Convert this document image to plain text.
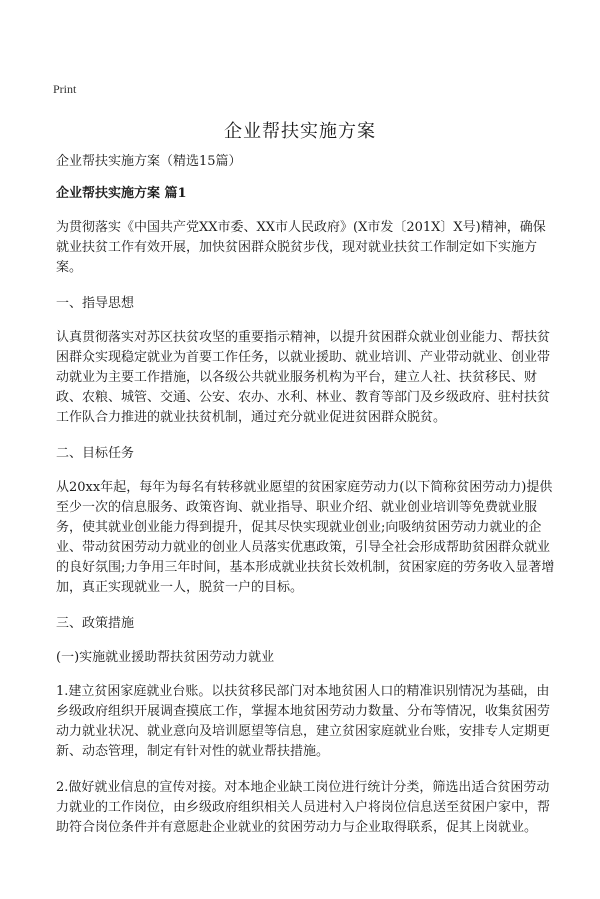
Print
企业帮扶实施方案

企业帮扶实施方案（精选15篇）

企业帮扶实施方案 篇1

为贯彻落实《中国共产党XX市委、XX市人民政府》(X市发〔201X〕X号)精神，确保就业扶贫工作有效开展，加快贫困群众脱贫步伐，现对就业扶贫工作制定如下实施方案。

一、指导思想

认真贯彻落实对苏区扶贫攻坚的重要指示精神，以提升贫困群众就业创业能力、帮扶贫困群众实现稳定就业为首要工作任务，以就业援助、就业培训、产业带动就业、创业带动就业为主要工作措施，以各级公共就业服务机构为平台，建立人社、扶贫移民、财政、农粮、城管、交通、公安、农办、水利、林业、教育等部门及乡级政府、驻村扶贫工作队合力推进的就业扶贫机制，通过充分就业促进贫困群众脱贫。

二、目标任务

从20xx年起，每年为每名有转移就业愿望的贫困家庭劳动力(以下简称贫困劳动力)提供至少一次的信息服务、政策咨询、就业指导、职业介绍、就业创业培训等免费就业服务，使其就业创业能力得到提升，促其尽快实现就业创业;向吸纳贫困劳动力就业的企业、带动贫困劳动力就业的创业人员落实优惠政策，引导全社会形成帮助贫困群众就业的良好氛围;力争用三年时间，基本形成就业扶贫长效机制，贫困家庭的劳务收入显著增加，真正实现就业一人，脱贫一户的目标。

三、政策措施

(一)实施就业援助帮扶贫困劳动力就业

1.建立贫困家庭就业台账。以扶贫移民部门对本地贫困人口的精准识别情况为基础，由乡级政府组织开展调查摸底工作，掌握本地贫困劳动力数量、分布等情况，收集贫困劳动力就业状况、就业意向及培训愿望等信息，建立贫困家庭就业台账，安排专人定期更新、动态管理，制定有针对性的就业帮扶措施。

2.做好就业信息的宣传对接。对本地企业缺工岗位进行统计分类，筛选出适合贫困劳动力就业的工作岗位，由乡级政府组织相关人员进村入户将岗位信息送至贫困户家中，帮助符合岗位条件并有意愿赴企业就业的贫困劳动力与企业取得联系，促其上岗就业。
